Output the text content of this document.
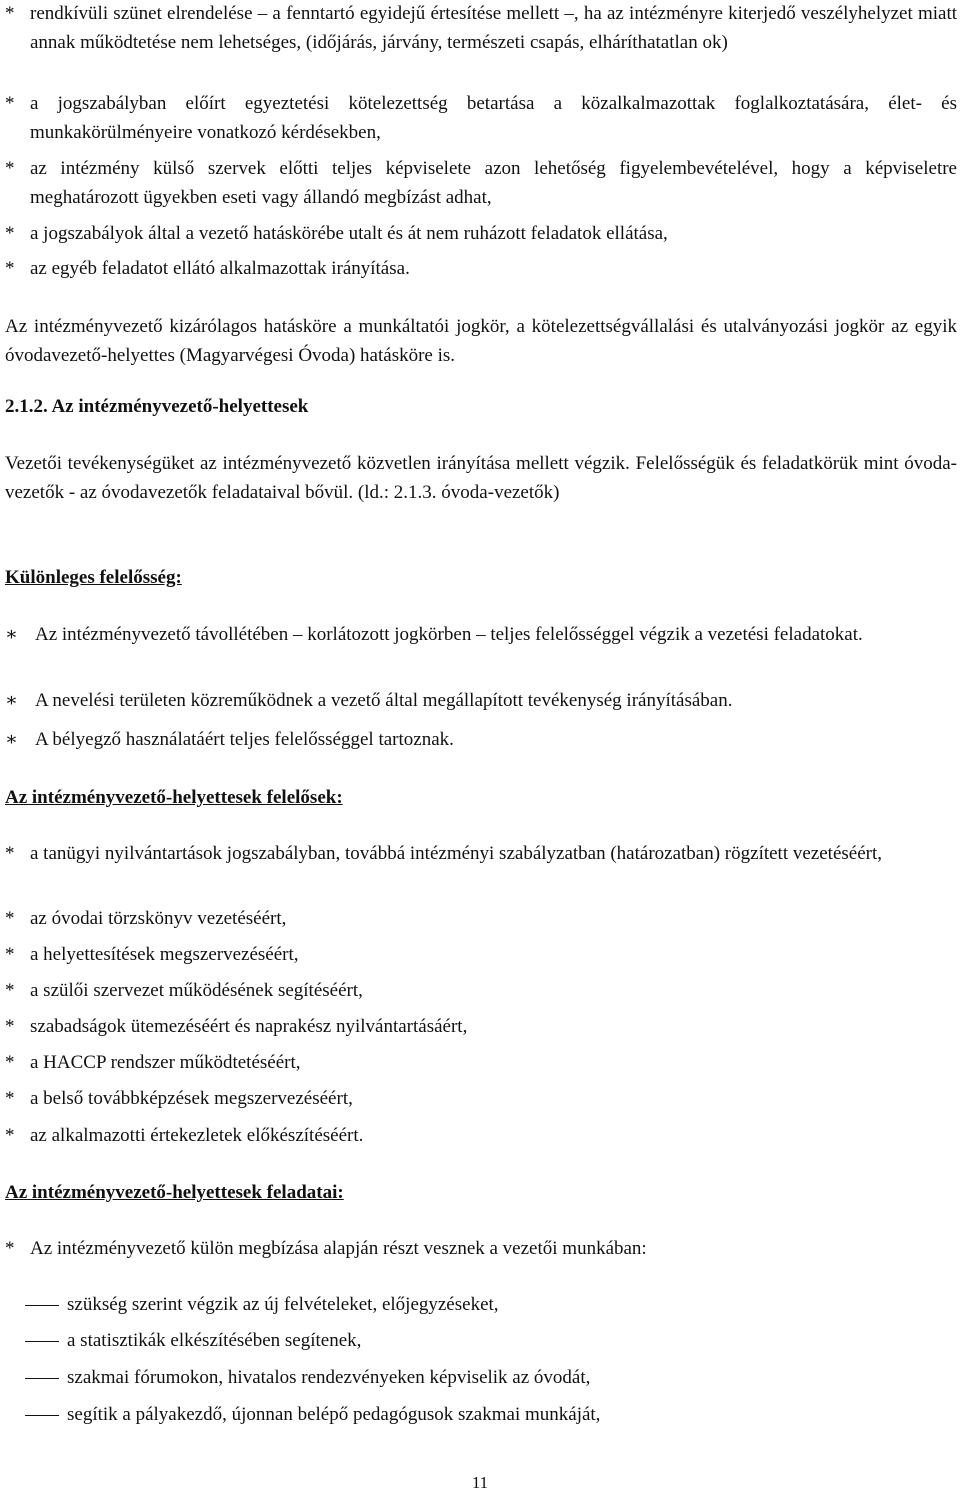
* rendkívüli szünet elrendelése – a fenntartó egyidejű értesítése mellett –, ha az intézményre kiterjedő veszélyhelyzet miatt annak működtetése nem lehetséges, (időjárás, járvány, természeti csapás, elháríthatatlan ok)
* a jogszabályban előírt egyeztetési kötelezettség betartása a közalkalmazottak foglalkoztatására, élet- és munkakörülményeire vonatkozó kérdésekben,
* az intézmény külső szervek előtti teljes képviselete azon lehetőség figyelembevételével, hogy a képviseletre meghatározott ügyekben eseti vagy állandó megbízást adhat,
* a jogszabályok által a vezető hatáskörébe utalt és át nem ruházott feladatok ellátása,
* az egyéb feladatot ellátó alkalmazottak irányítása.
Az intézményvezető kizárólagos hatásköre a munkáltatói jogkör, a kötelezettségvállalási és utalványozási jogkör az egyik óvodavezető-helyettes (Magyarvégesi Óvoda) hatásköre is.
2.1.2. Az intézményvezető-helyettesek
Vezetői tevékenységüket az intézményvezető közvetlen irányítása mellett végzik. Felelősségük és feladatkörük mint óvoda-vezetők - az óvodavezetők feladataival bővül. (ld.: 2.1.3. óvoda-vezetők)
Különleges felelősség:
∗ Az intézményvezető távollétében – korlátozott jogkörben – teljes felelősséggel végzik a vezetési feladatokat.
∗ A nevelési területen közreműködnek a vezető által megállapított tevékenység irányításában.
∗ A bélyegző használatáért teljes felelősséggel tartoznak.
Az intézményvezető-helyettesek felelősek:
* a tanügyi nyilvántartások jogszabályban, továbbá intézményi szabályzatban (határozatban) rögzített vezetéséért,
* az óvodai törzskönyv vezetéséért,
* a helyettesítések megszervezéséért,
* a szülői szervezet működésének segítéséért,
* szabadságok ütemezéséért és naprakész nyilvántartásáért,
* a HACCP rendszer működtetéséért,
* a belső továbbképzések megszervezéséért,
* az alkalmazotti értekezletek előkészítéséért.
Az intézményvezető-helyettesek feladatai:
* Az intézményvezető külön megbízása alapján részt vesznek a vezetői munkában:
szükség szerint végzik az új felvételeket, előjegyzéseket,
a statisztikák elkészítésében segítenek,
szakmai fórumokon, hivatalos rendezvényeken képviselik az óvodát,
segítik a pályakezdő, újonnan belépő pedagógusok szakmai munkáját,
11
